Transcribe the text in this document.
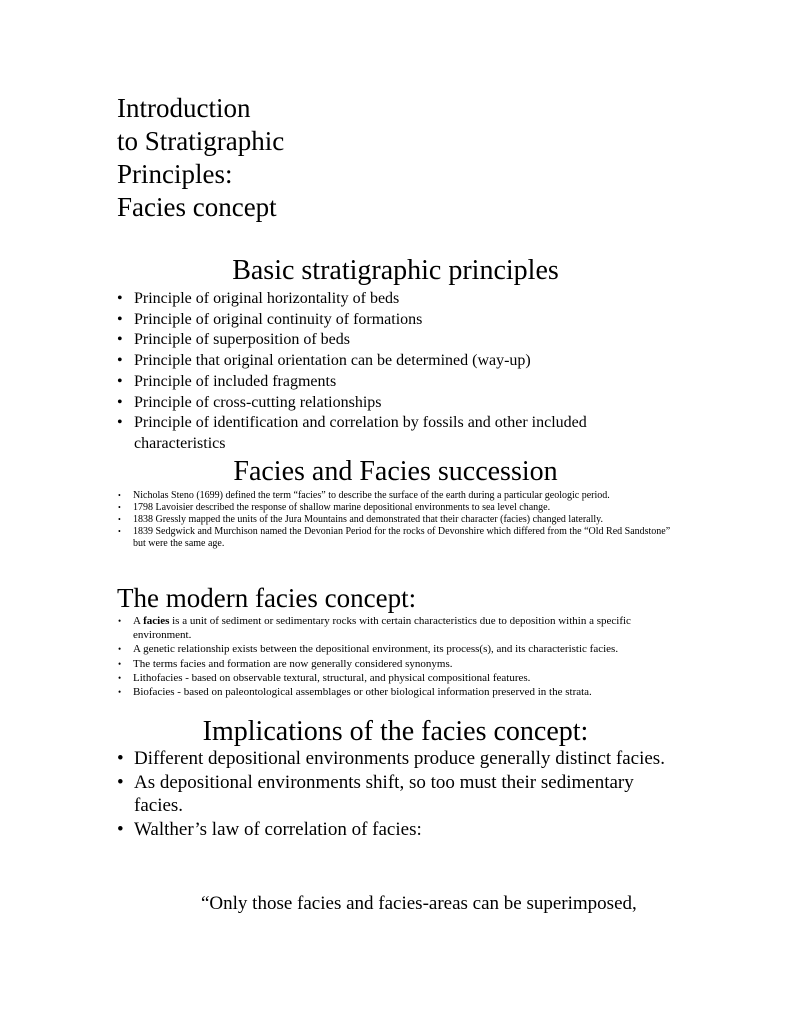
Introduction
to Stratigraphic
Principles:
Facies concept
Basic stratigraphic principles
• Principle of original horizontality of beds
• Principle of original continuity of formations
• Principle of superposition of beds
• Principle that original orientation can be determined (way-up)
• Principle of included fragments
• Principle of cross-cutting relationships
• Principle of identification and correlation by fossils and other included characteristics
Facies and Facies succession
• Nicholas Steno (1699) defined the term “facies” to describe the surface of the earth during a particular geologic period.
• 1798 Lavoisier described the response of shallow marine depositional environments to sea level change.
• 1838 Gressly mapped the units of the Jura Mountains and demonstrated that their character (facies) changed laterally.
• 1839 Sedgwick and Murchison named the Devonian Period for the rocks of Devonshire which differed from the “Old Red Sandstone” but were the same age.
The modern facies concept:
• A facies is a unit of sediment or sedimentary rocks with certain characteristics due to deposition within a specific environment.
• A genetic relationship exists between the depositional environment, its process(s), and its characteristic facies.
• The terms facies and formation are now generally considered synonyms.
• Lithofacies - based on observable textural, structural, and physical compositional features.
• Biofacies - based on paleontological assemblages or other biological information preserved in the strata.
Implications of the facies concept:
• Different depositional environments produce generally distinct facies.
• As depositional environments shift, so too must their sedimentary facies.
• Walther’s law of correlation of facies:

“Only those facies and facies-areas can be superimposed,
